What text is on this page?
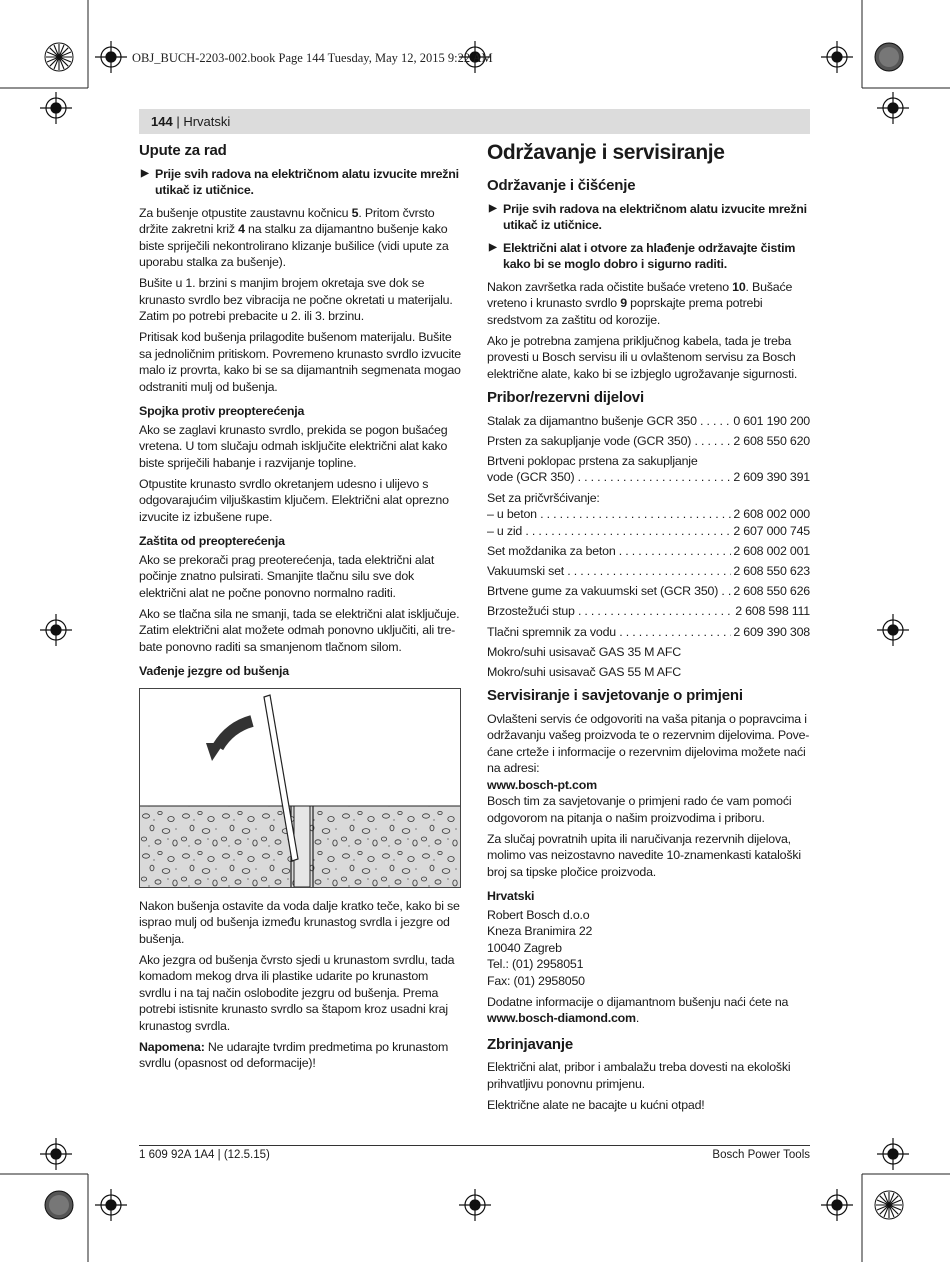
OBJ_BUCH-2203-002.book Page 144 Tuesday, May 12, 2015 9:22 AM
144 | Hrvatski
Upute za rad
▶ Prije svih radova na električnom alatu izvucite mrežni utikač iz utičnice.

Za bušenje otpustite zaustavnu kočnicu 5. Pritom čvrsto držite zakretni križ 4 na stalku za dijamantno bušenje kako biste spriječili nekontrolirano klizanje bušilice (vidi upute za uporabu stalka za bušenje).

Bušite u 1. brzini s manjim brojem okretaja sve dok se krunasto svrdlo bez vibracija ne počne okretati u materijalu. Zatim po potrebi prebacite u 2. ili 3. brzinu.

Pritisak kod bušenja prilagodite bušenom materijalu. Bušite sa jednoličnim pritiskom. Povremeno krunasto svrdlo izvucite malo iz provrta, kako bi se sa dijamantnih segmenata mogao odstraniti mulj od bušenja.

Spojka protiv preopterećenja

Ako se zaglavi krunasto svrdlo, prekida se pogon bušaćeg vretena. U tom slučaju odmah isključite električni alat kako biste spriječili habanje i razvijanje topline.

Otpustite krunasto svrdlo okretanjem udesno i ulijevo s odgovarajućim viljuškastim ključem. Električni alat oprezno izvucite iz izbušene rupe.

Zaštita od preopterećenja

Ako se prekorači prag preoterećenja, tada električni alat počinje znatno pulsirati. Smanjite tlačnu silu sve dok električni alat ne počne ponovno normalno raditi.

Ako se tlačna sila ne smanji, tada se električni alat isključuje. Zatim električni alat možete odmah ponovno uključiti, ali trebate ponovno raditi sa smanjenom tlačnom silom.

Vađenje jezgre od bušenja

Nakon bušenja ostavite da voda dalje kratko teče, kako bi se isprao mulj od bušenja između krunastog svrdla i jezgre od bušenja.

Ako jezgra od bušenja čvrsto sjedi u krunastom svrdlu, tada komadom mekog drva ili plastike udarite po krunastom svrdlu i na taj način oslobodite jezgru od bušenja. Prema potrebi istisnite krunasto svrdlo sa štapom kroz usadni kraj krunastog svrdla.

Napomena: Ne udarajte tvrdim predmetima po krunastom svrdlu (opasnost od deformacije)!

Održavanje i servisiranje
Održavanje i čišćenje
▶ Prije svih radova na električnom alatu izvucite mrežni utikač iz utičnice.
▶ Električni alat i otvore za hlađenje održavajte čistim kako bi se moglo dobro i sigurno raditi.

Nakon završetka rada očistite bušaće vreteno 10. Bušaće vreteno i krunasto svrdlo 9 poprskajte prema potrebi sredstvom za zaštitu od korozije.

Ako je potrebna zamjena priključnog kabela, tada je treba provesti u Bosch servisu ili u ovlaštenom servisu za Bosch električne alate, kako bi se izbjeglo ugrožavanje sigurnosti.

Pribor/rezervni dijelovi
Stalak za dijamantno bušenje GCR 350 . . .	0 601 190 200
Prsten za sakupljanje vode (GCR 350) . . .	2 608 550 620
Brtveni poklopac prstena za sakupljanje
vode (GCR 350) . . .	2 609 390 391
Set za pričvršćivanje:
– u beton . . .	2 608 002 000
– u zid . . .	2 607 000 745
Set moždanika za beton . . .	2 608 002 001
Vakuumski set . . .	2 608 550 623
Brtvene gume za vakuumski set (GCR 350) . . .	2 608 550 626
Brzostežući stup . . .	2 608 598 111
Tlačni spremnik za vodu . . .	2 609 390 308
Mokro/suhi usisavač GAS 35 M AFC
Mokro/suhi usisavač GAS 55 M AFC
Servisiranje i savjetovanje o primjeni

Ovlašteni servis će odgovoriti na vaša pitanja o popravcima i održavanju vašeg proizvoda te o rezervnim dijelovima. Povećane crteže i informacije o rezervnim dijelovima možete naći na adresi:

www.bosch-pt.com

Bosch tim za savjetovanje o primjeni rado će vam pomoći odgovorom na pitanja o našim proizvodima i priboru.

Za slučaj povratnih upita ili naručivanja rezervnih dijelova, molimo vas neizostavno navedite 10-znamenkasti kataloški broj sa tipske pločice proizvoda.

Hrvatski
Robert Bosch d.o.o
Kneza Branimira 22
10040 Zagreb
Tel.: (01) 2958051
Fax: (01) 2958050

Dodatne informacije o dijamantnom bušenju naći ćete na
www.bosch-diamond.com.

Zbrinjavanje

Električni alat, pribor i ambalažu treba dovesti na ekološki prihvatljivu ponovnu primjenu.

Električne alate ne bacajte u kućni otpad!

1 609 92A 1A4 | (12.5.15)	Bosch Power Tools
